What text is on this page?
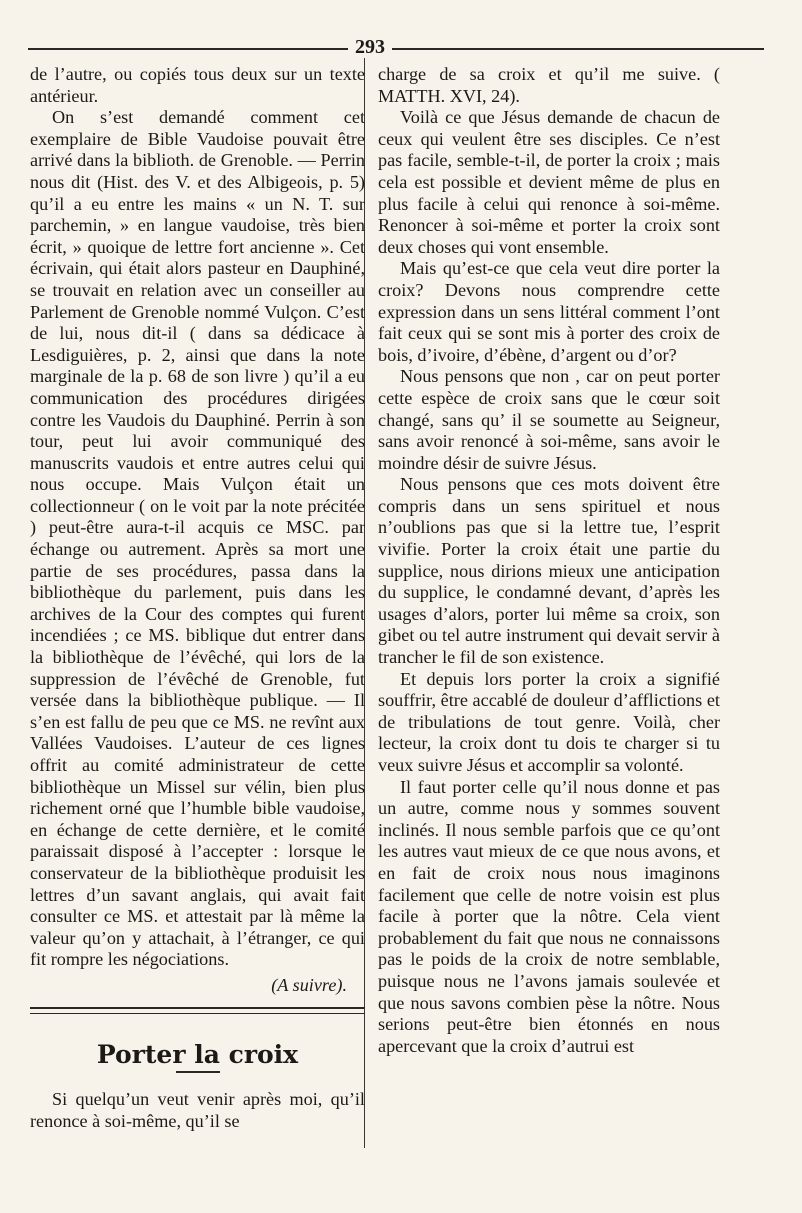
293

de l’autre, ou copiés tous deux sur un texte antérieur.

On s’est demandé comment cet exemplaire de Bible Vaudoise pouvait être arrivé dans la biblioth. de Grenoble. — Perrin nous dit (Hist. des V. et des Albigeois, p. 5) qu’il a eu entre les mains « un N. T. sur parchemin, » en langue vaudoise, très bien écrit, » quoique de lettre fort ancienne ». Cet écrivain, qui était alors pasteur en Dauphiné, se trouvait en relation avec un conseiller au Parlement de Grenoble nommé Vulçon. C’est de lui, nous dit-il ( dans sa dédicace à Lesdiguières, p. 2, ainsi que dans la note marginale de la p. 68 de son livre ) qu’il a eu communication des procédures dirigées contre les Vaudois du Dauphiné. Perrin à son tour, peut lui avoir communiqué des manuscrits vaudois et entre autres celui qui nous occupe. Mais Vulçon était un collectionneur ( on le voit par la note précitée ) peut-être aura-t-il acquis ce MSC. par échange ou autrement. Après sa mort une partie de ses procédures, passa dans la bibliothèque du parlement, puis dans les archives de la Cour des comptes qui furent incendiées ; ce MS. biblique dut entrer dans la bibliothèque de l’évêché, qui lors de la suppression de l’évêché de Grenoble, fut versée dans la bibliothèque publique. — Il s’en est fallu de peu que ce MS. ne revînt aux Vallées Vaudoises. L’auteur de ces lignes offrit au comité administrateur de cette bibliothèque un Missel sur vélin, bien plus richement orné que l’humble bible vaudoise, en échange de cette dernière, et le comité paraissait disposé à l’accepter : lorsque le conservateur de la bibliothèque produisit les lettres d’un savant anglais, qui avait fait consulter ce MS. et attestait par là même la valeur qu’on y attachait, à l’étranger, ce qui fit rompre les négociations.

(A suivre).
Porter la croix

Si quelqu’un veut venir après moi, qu’il renonce à soi-même, qu’il se

charge de sa croix et qu’il me suive. ( MATTH. XVI, 24).

Voilà ce que Jésus demande de chacun de ceux qui veulent être ses disciples. Ce n’est pas facile, semble-t-il, de porter la croix ; mais cela est possible et devient même de plus en plus facile à celui qui renonce à soi-même. Renoncer à soi-même et porter la croix sont deux choses qui vont ensemble.

Mais qu’est-ce que cela veut dire porter la croix? Devons nous comprendre cette expression dans un sens littéral comment l’ont fait ceux qui se sont mis à porter des croix de bois, d’ivoire, d’ébène, d’argent ou d’or?

Nous pensons que non , car on peut porter cette espèce de croix sans que le cœur soit changé, sans qu’ il se soumette au Seigneur, sans avoir renoncé à soi-même, sans avoir le moindre désir de suivre Jésus.

Nous pensons que ces mots doivent être compris dans un sens spirituel et nous n’oublions pas que si la lettre tue, l’esprit vivifie. Porter la croix était une partie du supplice, nous dirions mieux une anticipation du supplice, le condamné devant, d’après les usages d’alors, porter lui même sa croix, son gibet ou tel autre instrument qui devait servir à trancher le fil de son existence.

Et depuis lors porter la croix a signifié souffrir, être accablé de douleur d’afflictions et de tribulations de tout genre. Voilà, cher lecteur, la croix dont tu dois te charger si tu veux suivre Jésus et accomplir sa volonté.

Il faut porter celle qu’il nous donne et pas un autre, comme nous y sommes souvent inclinés. Il nous semble parfois que ce qu’ont les autres vaut mieux de ce que nous avons, et en fait de croix nous nous imaginons facilement que celle de notre voisin est plus facile à porter que la nôtre. Cela vient probablement du fait que nous ne connaissons pas le poids de la croix de notre semblable, puisque nous ne l’avons jamais soulevée et que nous savons combien pèse la nôtre. Nous serions peut-être bien étonnés en nous apercevant que la croix d’autrui est
